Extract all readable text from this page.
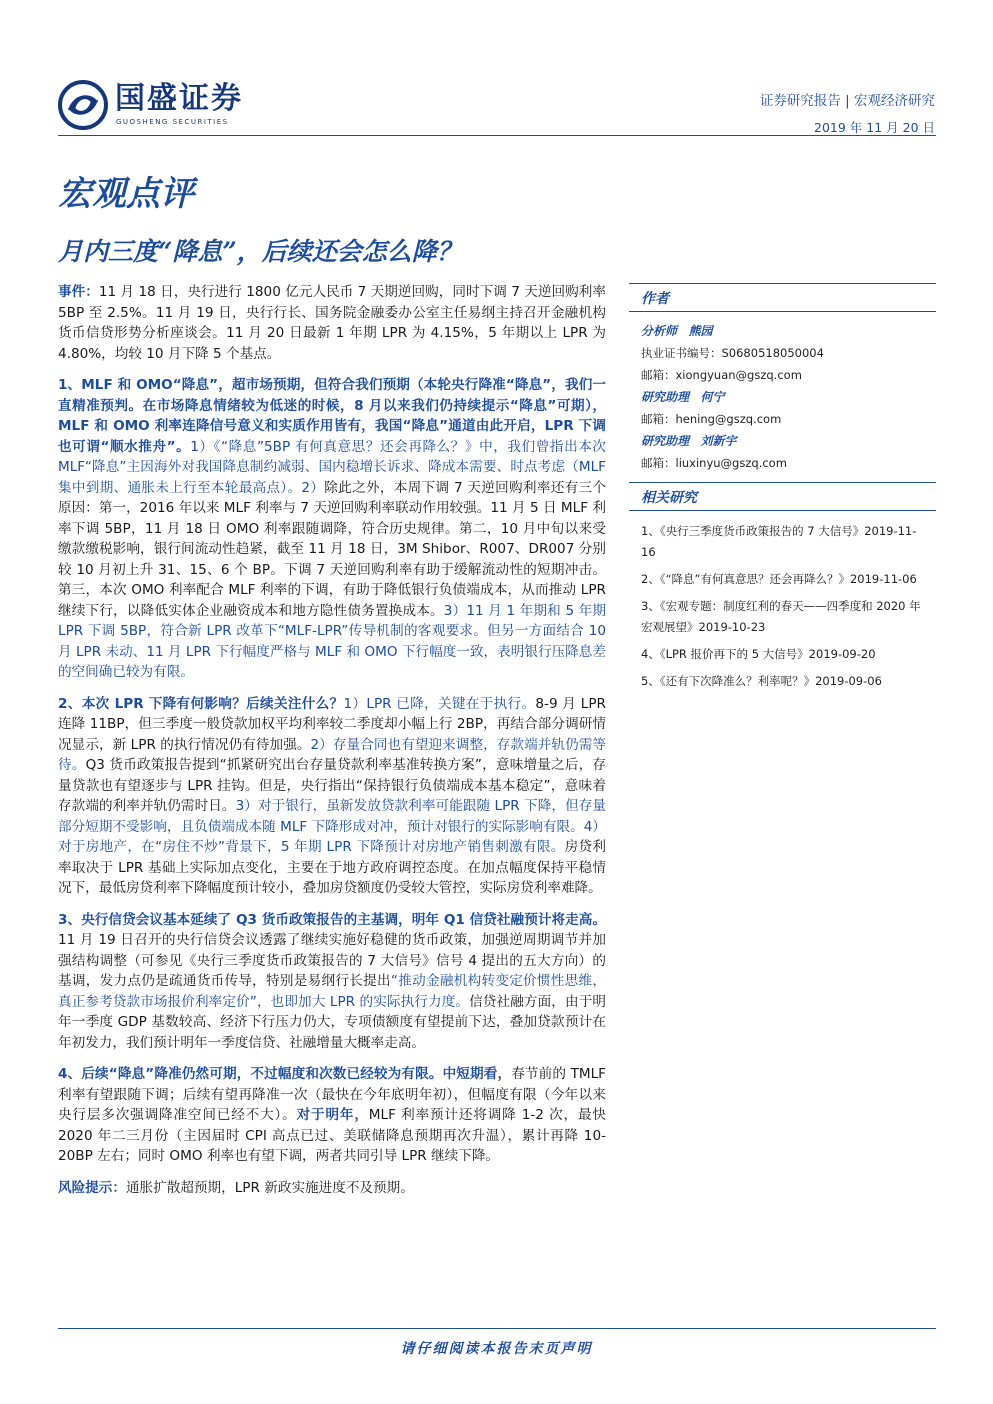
国盛证券
GUOSHENG SECURITIES
证券研究报告 | 宏观经济研究
2019 年 11 月 20 日
宏观点评
月内三度“降息”，后续还会怎么降？

事件：11 月 18 日，央行进行 1800 亿元人民币 7 天期逆回购，同时下调 7 天逆回购利率 5BP 至 2.5%。11 月 19 日，央行行长、国务院金融委办公室主任易纲主持召开金融机构货币信贷形势分析座谈会。11 月 20 日最新 1 年期 LPR 为 4.15%，5 年期以上 LPR 为 4.80%，均较 10 月下降 5 个基点。

1、MLF 和 OMO“降息”，超市场预期，但符合我们预期（本轮央行降准“降息”，我们一直精准预判。在市场降息情绪较为低迷的时候，8 月以来我们仍持续提示“降息”可期），MLF 和 OMO 利率连降信号意义和实质作用皆有，我国“降息”通道由此开启，LPR 下调也可谓“顺水推舟”。1）《“降息”5BP 有何真意思？还会再降么？》中，我们曾指出本次 MLF“降息”主因海外对我国降息制约减弱、国内稳增长诉求、降成本需要、时点考虑（MLF 集中到期、通胀未上行至本轮最高点）。2）除此之外，本周下调 7 天逆回购利率还有三个原因：第一，2016 年以来 MLF 利率与 7 天逆回购利率联动作用较强。11 月 5 日 MLF 利率下调 5BP，11 月 18 日 OMO 利率跟随调降，符合历史规律。第二，10 月中旬以来受缴款缴税影响，银行间流动性趋紧，截至 11 月 18 日，3M Shibor、R007、DR007 分别较 10 月初上升 31、15、6 个 BP。下调 7 天逆回购利率有助于缓解流动性的短期冲击。第三，本次 OMO 利率配合 MLF 利率的下调，有助于降低银行负债端成本，从而推动 LPR 继续下行，以降低实体企业融资成本和地方隐性债务置换成本。3）11 月 1 年期和 5 年期 LPR 下调 5BP，符合新 LPR 改革下“MLF-LPR”传导机制的客观要求。但另一方面结合 10 月 LPR 未动、11 月 LPR 下行幅度严格与 MLF 和 OMO 下行幅度一致，表明银行压降息差的空间确已较为有限。

2、本次 LPR 下降有何影响？后续关注什么？1）LPR 已降，关键在于执行。8-9 月 LPR 连降 11BP，但三季度一般贷款加权平均利率较二季度却小幅上行 2BP，再结合部分调研情况显示，新 LPR 的执行情况仍有待加强。2）存量合同也有望迎来调整，存款端并轨仍需等待。Q3 货币政策报告提到“抓紧研究出台存量贷款利率基准转换方案”，意味增量之后，存量贷款也有望逐步与 LPR 挂钩。但是，央行指出“保持银行负债端成本基本稳定”，意味着存款端的利率并轨仍需时日。3）对于银行，虽新发放贷款利率可能跟随 LPR 下降，但存量部分短期不受影响，且负债端成本随 MLF 下降形成对冲，预计对银行的实际影响有限。4）对于房地产，在“房住不炒”背景下，5 年期 LPR 下降预计对房地产销售刺激有限。房贷利率取决于 LPR 基础上实际加点变化，主要在于地方政府调控态度。在加点幅度保持平稳情况下，最低房贷利率下降幅度预计较小，叠加房贷额度仍受较大管控，实际房贷利率难降。

3、央行信贷会议基本延续了 Q3 货币政策报告的主基调，明年 Q1 信贷社融预计将走高。11 月 19 日召开的央行信贷会议透露了继续实施好稳健的货币政策，加强逆周期调节并加强结构调整（可参见《央行三季度货币政策报告的 7 大信号》信号 4 提出的五大方向）的基调，发力点仍是疏通货币传导，特别是易纲行长提出“推动金融机构转变定价惯性思维，真正参考贷款市场报价利率定价”，也即加大 LPR 的实际执行力度。信贷社融方面，由于明年一季度 GDP 基数较高、经济下行压力仍大，专项债额度有望提前下达，叠加贷款预计在年初发力，我们预计明年一季度信贷、社融增量大概率走高。

4、后续“降息”降准仍然可期，不过幅度和次数已经较为有限。中短期看，春节前的 TMLF 利率有望跟随下调；后续有望再降准一次（最快在今年底明年初），但幅度有限（今年以来央行层多次强调降准空间已经不大）。对于明年，MLF 利率预计还将调降 1-2 次，最快 2020 年二三月份（主因届时 CPI 高点已过、美联储降息预期再次升温），累计再降 10-20BP 左右；同时 OMO 利率也有望下调，两者共同引导 LPR 继续下降。

风险提示：通胀扩散超预期，LPR 新政实施进度不及预期。

作者
分析师 熊园
执业证书编号：S0680518050004
邮箱：xiongyuan@gszq.com
研究助理 何宁
邮箱：hening@gszq.com
研究助理 刘新宇
邮箱：liuxinyu@gszq.com
相关研究
1、《央行三季度货币政策报告的 7 大信号》2019-11-16
2、《“降息”有何真意思？还会再降么？》2019-11-06
3、《宏观专题：制度红利的春天——四季度和 2020 年宏观展望》2019-10-23
4、《LPR 报价再下的 5 大信号》2019-09-20
5、《还有下次降准么？利率呢？》2019-09-06
请仔细阅读本报告末页声明
